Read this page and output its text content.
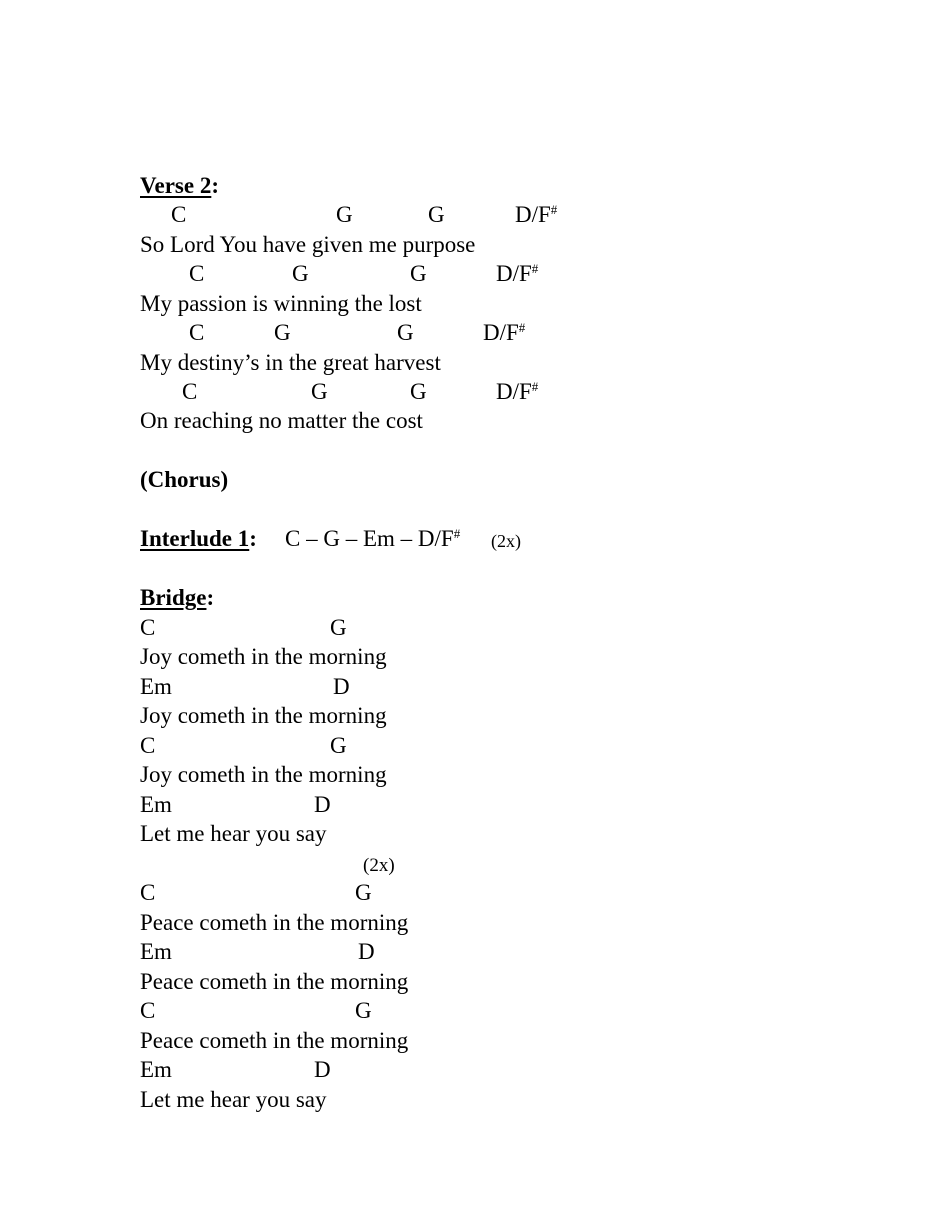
Verse 2:
C	G	G	D/F#
So Lord You have given me purpose
C	G	G	D/F#
My passion is winning the lost
C	G	G	D/F#
My destiny’s in the great harvest
C	G	G	D/F#
On reaching no matter the cost
(Chorus)
Interlude 1: C – G – Em – D/F# (2x)
Bridge:
C	G
Joy cometh in the morning
Em	D
Joy cometh in the morning
C	G
Joy cometh in the morning
Em	D
Let me hear you say
(2x)
C	G
Peace cometh in the morning
Em	D
Peace cometh in the morning
C	G
Peace cometh in the morning
Em	D
Let me hear you say
